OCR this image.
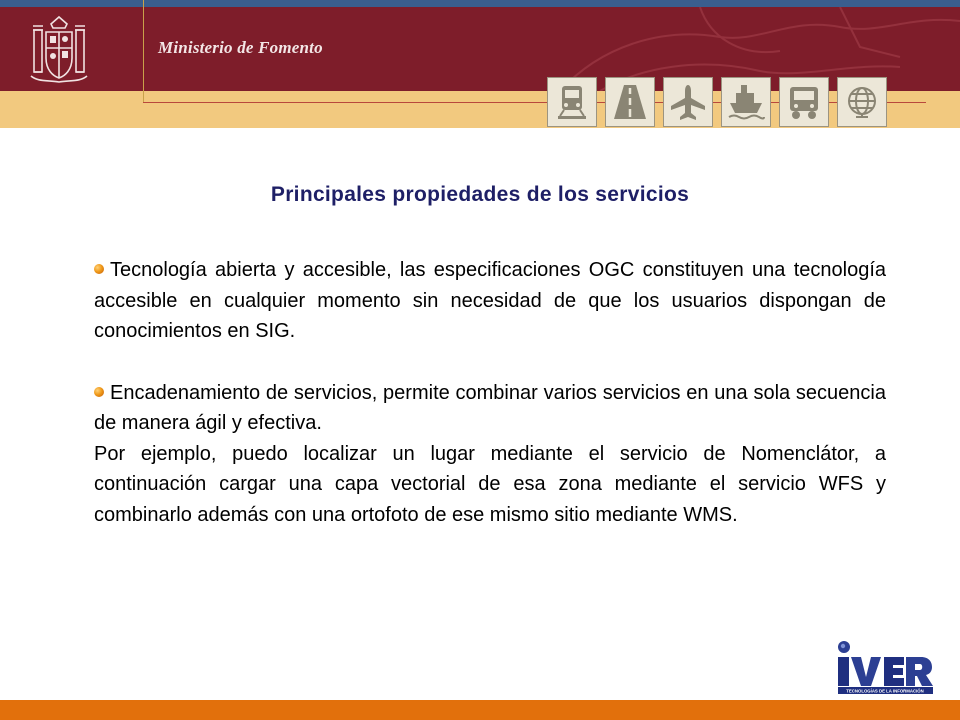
Ministerio de Fomento
Principales propiedades de los servicios

Tecnología abierta y accesible, las especificaciones OGC constituyen una tecnología accesible en cualquier momento sin necesidad de que los usuarios dispongan de conocimientos en SIG.

Encadenamiento de servicios, permite combinar varios servicios en una sola secuencia de manera ágil y efectiva.

Por ejemplo, puedo localizar un lugar mediante el servicio de Nomenclátor, a continuación cargar una capa vectorial de esa zona mediante el servicio WFS y combinarlo además con una ortofoto de ese mismo sitio mediante WMS.

TECNOLOGÍAS DE LA INFORMACIÓN
